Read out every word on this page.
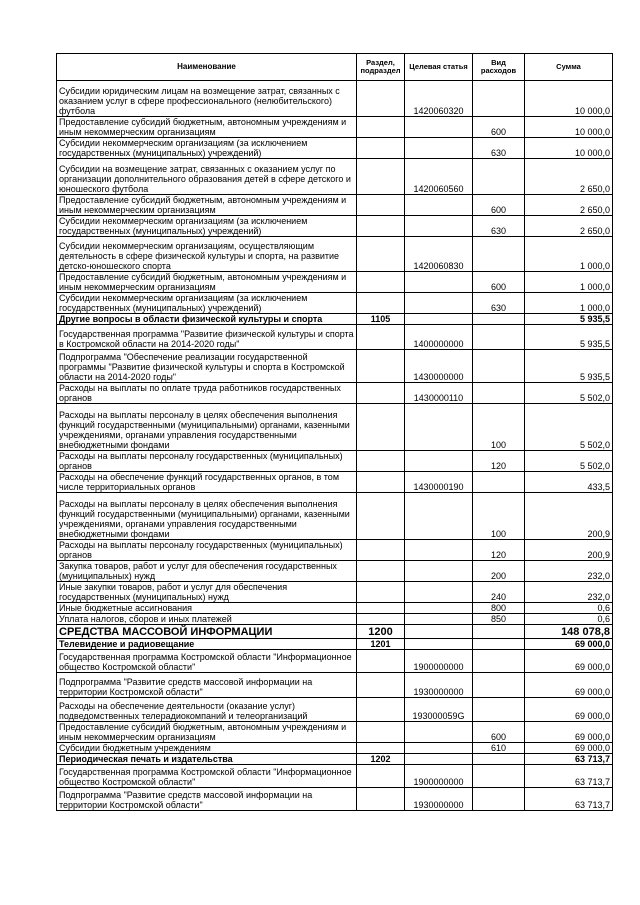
Наименование	Раздел, подраздел	Целевая статья	Вид расходов	Сумма
Субсидии юридическим лицам на возмещение затрат, связанных с оказанием услуг в сфере профессионального (нелюбительского) футбола		1420060320		10 000,0
Предоставление субсидий бюджетным, автономным учреждениям и иным некоммерческим организациям			600	10 000,0
Субсидии некоммерческим организациям (за исключением государственных (муниципальных) учреждений)			630	10 000,0
Субсидии на возмещение затрат, связанных с оказанием услуг по организации дополнительного образования детей в сфере детского и юношеского футбола		1420060560		2 650,0
Предоставление субсидий бюджетным, автономным учреждениям и иным некоммерческим организациям			600	2 650,0
Субсидии некоммерческим организациям (за исключением государственных (муниципальных) учреждений)			630	2 650,0
Субсидии некоммерческим организациям, осуществляющим деятельность в сфере физической культуры и спорта, на развитие детско-юношеского спорта		1420060830		1 000,0
Предоставление субсидий бюджетным, автономным учреждениям и иным некоммерческим организациям			600	1 000,0
Субсидии некоммерческим организациям (за исключением государственных (муниципальных) учреждений)			630	1 000,0
Другие вопросы в области физической культуры и спорта	1105			5 935,5
Государственная программа "Развитие физической культуры и спорта в Костромской области на 2014-2020 годы"		1400000000		5 935,5
Подпрограмма "Обеспечение реализации государственной программы "Развитие физической культуры и спорта в Костромской области на 2014-2020 годы"		1430000000		5 935,5
Расходы на выплаты по оплате труда работников государственных органов		1430000110		5 502,0
Расходы на выплаты персоналу в целях обеспечения выполнения функций государственными (муниципальными) органами, казенными учреждениями, органами управления государственными внебюджетными фондами			100	5 502,0
Расходы на выплаты персоналу государственных (муниципальных) органов			120	5 502,0
Расходы на обеспечение функций государственных органов, в том числе территориальных органов		1430000190		433,5
Расходы на выплаты персоналу в целях обеспечения выполнения функций государственными (муниципальными) органами, казенными учреждениями, органами управления государственными внебюджетными фондами			100	200,9
Расходы на выплаты персоналу государственных (муниципальных) органов			120	200,9
Закупка товаров, работ и услуг для обеспечения государственных (муниципальных) нужд			200	232,0
Иные закупки товаров, работ и услуг для обеспечения государственных (муниципальных) нужд			240	232,0
Иные бюджетные ассигнования			800	0,6
Уплата налогов, сборов и иных платежей			850	0,6
СРЕДСТВА МАССОВОЙ ИНФОРМАЦИИ	1200			148 078,8
Телевидение и радиовещание	1201			69 000,0
Государственная программа Костромской области "Информационное общество Костромской области"		1900000000		69 000,0
Подпрограмма "Развитие средств массовой информации на территории Костромской области"		1930000000		69 000,0
Расходы на обеспечение деятельности (оказание услуг) подведомственных телерадиокомпаний и телеорганизаций		193000059G		69 000,0
Предоставление субсидий бюджетным, автономным учреждениям и иным некоммерческим организациям			600	69 000,0
Субсидии бюджетным учреждениям			610	69 000,0
Периодическая печать и издательства	1202			63 713,7
Государственная программа Костромской области "Информационное общество Костромской области"		1900000000		63 713,7
Подпрограмма "Развитие средств массовой информации на территории Костромской области"		1930000000		63 713,7
